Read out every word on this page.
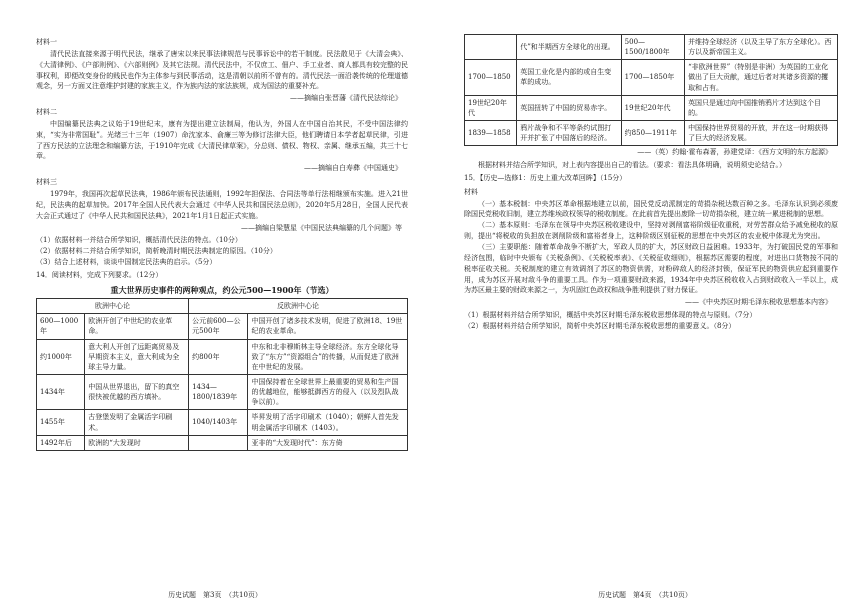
材料一

清代民法直接来源于明代民法，继承了唐宋以来民事法律规范与民事诉讼中的若干制度。民法散见于《大清会典》、《大清律例》、《户部则例》、《六部则例》及其它法规。清代民法中，不仅庶工、佃户、手工业者、商人都具有较完整的民事权利，即便改变身份的贱民也作为主体参与到民事活动，这是清朝以前所不曾有的。清代民法一面沿袭传统的伦理道德观念，另一方面又注意维护封建的家族主义，作为族内法的家法族规，成为国法的重要补充。

——摘编自张晋藩《清代民法综论》
材料二

中国编纂民法典之议始于19世纪末，康有为提出建立法制局，他认为，外国人在中国自治其民，不受中国法律约束，“实为非常国耻”。光绪三十三年（1907）命沈家本、俞廉三等为修订法律大臣，他们聘请日本学者起草民律，引进了西方民法的立法理念和编纂方法，于1910年完成《大清民律草案》，分总则、债权、物权、亲属、继承五编，共三十七章。

——摘编自白寿彝《中国通史》
材料三

1979年，我国再次起草民法典，1986年颁布民法通则，1992年担保法、合同法等单行法相继颁布实施。进入21世纪，民法典的起草加快。2017年全国人民代表大会通过《中华人民共和国民法总则》，2020年5月28日，全国人民代表大会正式通过了《中华人民共和国民法典》，2021年1月1日起正式实施。

——摘编自梁慧星《中国民法典编纂的几个问题》等

（1）依据材料一并结合所学知识，概括清代民法的特点。（10分）

（2）依据材料二并结合所学知识，简析晚清时期民法典制定的原因。（10分）

（3）结合上述材料，谈谈中国制定民法典的启示。（5分）

14．阅读材料，完成下列要求。（12分）

重大世界历史事件的两种观点，约公元500—1900年（节选）
欧洲中心论		反欧洲中心论	
600—1000年	欧洲开创了中世纪的农业革命。	公元前600—公元500年	中国开创了诸多技术发明，促进了欧洲18、19世纪的农业革命。
约1000年	意大利人开创了远距离贸易及早期资本主义，意大利成为全球主导力量。	约800年	中东和北非穆斯林主导全球经济。东方全球化导致了“东方”“资源组合”的传播，从而促进了欧洲在中世纪的发展。
1434年	中国从世界退出，留下的真空很快被优越的西方填补。	1434—1800/1839年	中国保持着在全球世界上最重要的贸易和生产国的优越地位，能够抵御西方的侵入（以及烈队战争以前）。
1455年	古登堡发明了金属活字印刷术。	1040/1403年	毕昇发明了活字印刷术（1040）；朝鲜人首先发明金属活字印刷术（1403）。
1492年后	欧洲的“大发现时		亚非的“大发现时代”：东方倚
历史试题　第3页　（共10页）
	代”和半期西方全球化的出现。	500—1500/1800年	并维持全球经济（以及主导了东方全球化）。西方以及新帝国主义。
1700—1850	英国工业化是内部的或自生变革的成功。	1700—1850年	“非欧洲世界”（特别是非洲）为英国的工业化做出了巨大贡献，通过后者对其诸多资源的攫取和占有。
19世纪20年代	英国扭转了中国的贸易赤字。	19世纪20年代	英国只是通过向中国推销鸦片才达到这个目的。
1839—1858	鸦片战争和不平等条约试图打开并扩张了中国落后的经济。	约850—1911年	中国保持世界贸易的开放，并在这一时期获得了巨大的经济发展。
——（英）约翰·霍布森著，孙建党译：《西方文明的东方起源》

根据材料并结合所学知识，对上表内容提出自己的看法。（要求：看法具体明确，说明须史论结合。）

15．【历史—选修1：历史上重大改革回眸】（15分）

材料

（一）基本税制：中央苏区革命根据地建立以前，国民党反动派制定的苛捐杂税达数百种之多。毛泽东认识到必须废除国民党税收旧制，建立苏维埃政权领导的税收制度。在此前首先提出废除一切苛捐杂税，建立统一累进税制的思想。

（二）基本原则：毛泽东在领导中央苏区税收建设中，坚持对剥削富裕阶级征收重税，对劳苦群众给予减免税收的原则，提出“将税收的负担放在剥削阶级和富裕者身上，这种阶级区别征税的思想在中央苏区的农业税中体现尤为突出。

（三）主要职能：随着革命战争不断扩大，军政人员的扩大，苏区财政日益困难。1933年，为打破国民党的军事和经济包围，临时中央颁布《关税条例》、《关税税率表》、《关税征收细则》，根据苏区需要的程度，对进出口货物按不同的税率征收关税。关税制度的建立有效调剂了苏区的物资供需，对粉碎敌人的经济封锁，保证军民的物资供应起到重要作用，成为苏区开展对敌斗争的重要工具。作为一项重要财政来源，1934年中央苏区税收收入占到财政收入一半以上，成为苏区最主要的财政来源之一，为巩固红色政权和战争胜利提供了财力保证。

——《中央苏区时期毛泽东税收思想基本内容》

（1）根据材料并结合所学知识，概括中央苏区时期毛泽东税收思想体现的特点与原则。（7分）

（2）根据材料并结合所学知识，简析中央苏区时期毛泽东税收思想的重要意义。（8分）

历史试题　第4页　（共10页）
